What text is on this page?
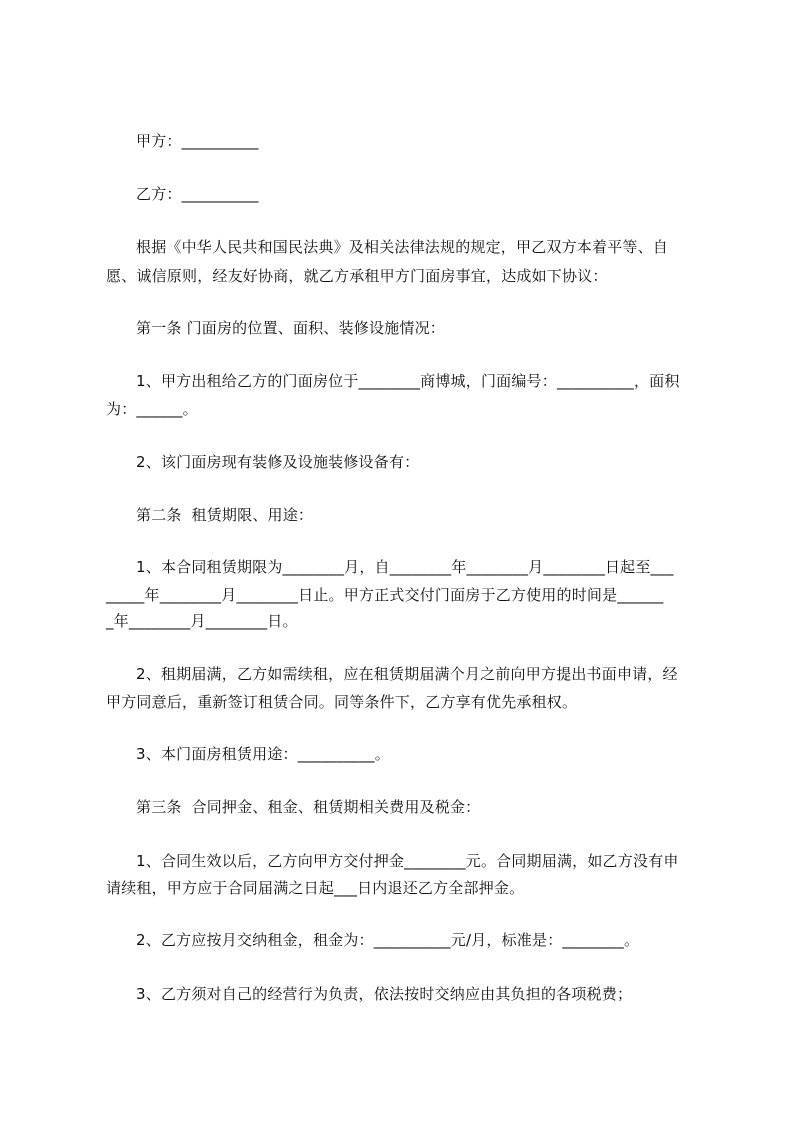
甲方：__________
乙方：__________
根据《中华人民共和国民法典》及相关法律法规的规定，甲乙双方本着平等、自
愿、诚信原则，经友好协商，就乙方承租甲方门面房事宜，达成如下协议：
第一条 门面房的位置、面积、装修设施情况：
1、甲方出租给乙方的门面房位于________商博城，门面编号：__________，面积
为：______。
2、该门面房现有装修及设施装修设备有：
第二条  租赁期限、用途：
1、本合同租赁期限为________月，自________年________月________日起至___
_____年________月________日止。甲方正式交付门面房于乙方使用的时间是______
_年________月________日。
2、租期届满，乙方如需续租，应在租赁期届满个月之前向甲方提出书面申请，经
甲方同意后，重新签订租赁合同。同等条件下，乙方享有优先承租权。
3、本门面房租赁用途：__________。
第三条  合同押金、租金、租赁期相关费用及税金：
1、合同生效以后，乙方向甲方交付押金________元。合同期届满，如乙方没有申
请续租，甲方应于合同届满之日起___日内退还乙方全部押金。
2、乙方应按月交纳租金，租金为：__________元/月，标准是：________。
3、乙方须对自己的经营行为负责，依法按时交纳应由其负担的各项税费；
